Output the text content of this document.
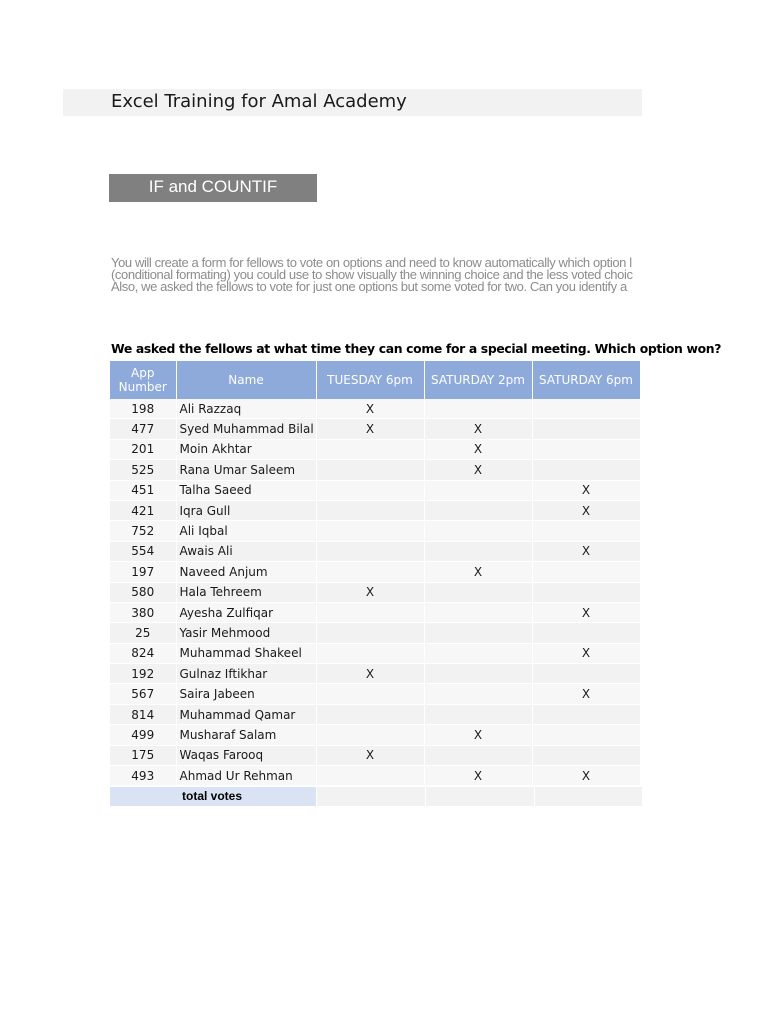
Excel Training for Amal Academy
IF and COUNTIF
You will create a form for fellows to vote on options and need to know automatically which option l
(conditional formating) you could use to show visually the winning choice and the less voted choic
Also, we asked the fellows to vote for just one options but some voted for two. Can you identify a
We asked the fellows at what time they can come for a special meeting. Which option won?
App Number	Name	TUESDAY 6pm	SATURDAY 2pm	SATURDAY 6pm
198	Ali Razzaq	X		
477	Syed Muhammad Bilal	X	X	
201	Moin Akhtar		X	
525	Rana Umar Saleem		X	
451	Talha Saeed			X
421	Iqra Gull			X
752	Ali Iqbal			
554	Awais Ali			X
197	Naveed Anjum		X	
580	Hala Tehreem	X		
380	Ayesha Zulfiqar			X
25	Yasir Mehmood			
824	Muhammad Shakeel			X
192	Gulnaz Iftikhar	X		
567	Saira Jabeen			X
814	Muhammad Qamar			
499	Musharaf Salam		X	
175	Waqas Farooq	X		
493	Ahmad Ur Rehman		X	X
total votes
